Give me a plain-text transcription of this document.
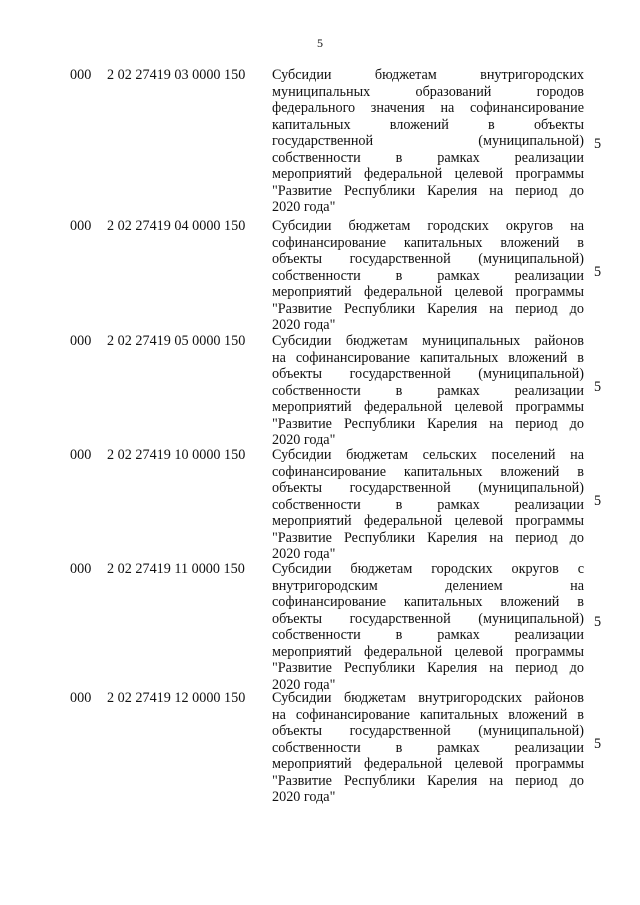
5
000 2 02 27419 03 0000 150 Субсидии бюджетам внутригородских
муниципальных образований городов
федерального значения на софинансирование
капитальных вложений в объекты
государственной (муниципальной)
собственности в рамках реализации
мероприятий федеральной целевой программы
"Развитие Республики Карелия на период до
2020 года"
5
000 2 02 27419 04 0000 150 Субсидии бюджетам городских округов на
софинансирование капитальных вложений в
объекты государственной (муниципальной)
собственности в рамках реализации
мероприятий федеральной целевой программы
"Развитие Республики Карелия на период до
2020 года"
5
000 2 02 27419 05 0000 150 Субсидии бюджетам муниципальных районов
на софинансирование капитальных вложений в
объекты государственной (муниципальной)
собственности в рамках реализации
мероприятий федеральной целевой программы
"Развитие Республики Карелия на период до
2020 года"
5
000 2 02 27419 10 0000 150 Субсидии бюджетам сельских поселений на
софинансирование капитальных вложений в
объекты государственной (муниципальной)
собственности в рамках реализации
мероприятий федеральной целевой программы
"Развитие Республики Карелия на период до
2020 года"
5
000 2 02 27419 11 0000 150 Субсидии бюджетам городских округов с
внутригородским делением на
софинансирование капитальных вложений в
объекты государственной (муниципальной)
собственности в рамках реализации
мероприятий федеральной целевой программы
"Развитие Республики Карелия на период до
2020 года"
5
000 2 02 27419 12 0000 150 Субсидии бюджетам внутригородских районов
на софинансирование капитальных вложений в
объекты государственной (муниципальной)
собственности в рамках реализации
мероприятий федеральной целевой программы
"Развитие Республики Карелия на период до
2020 года"
5
